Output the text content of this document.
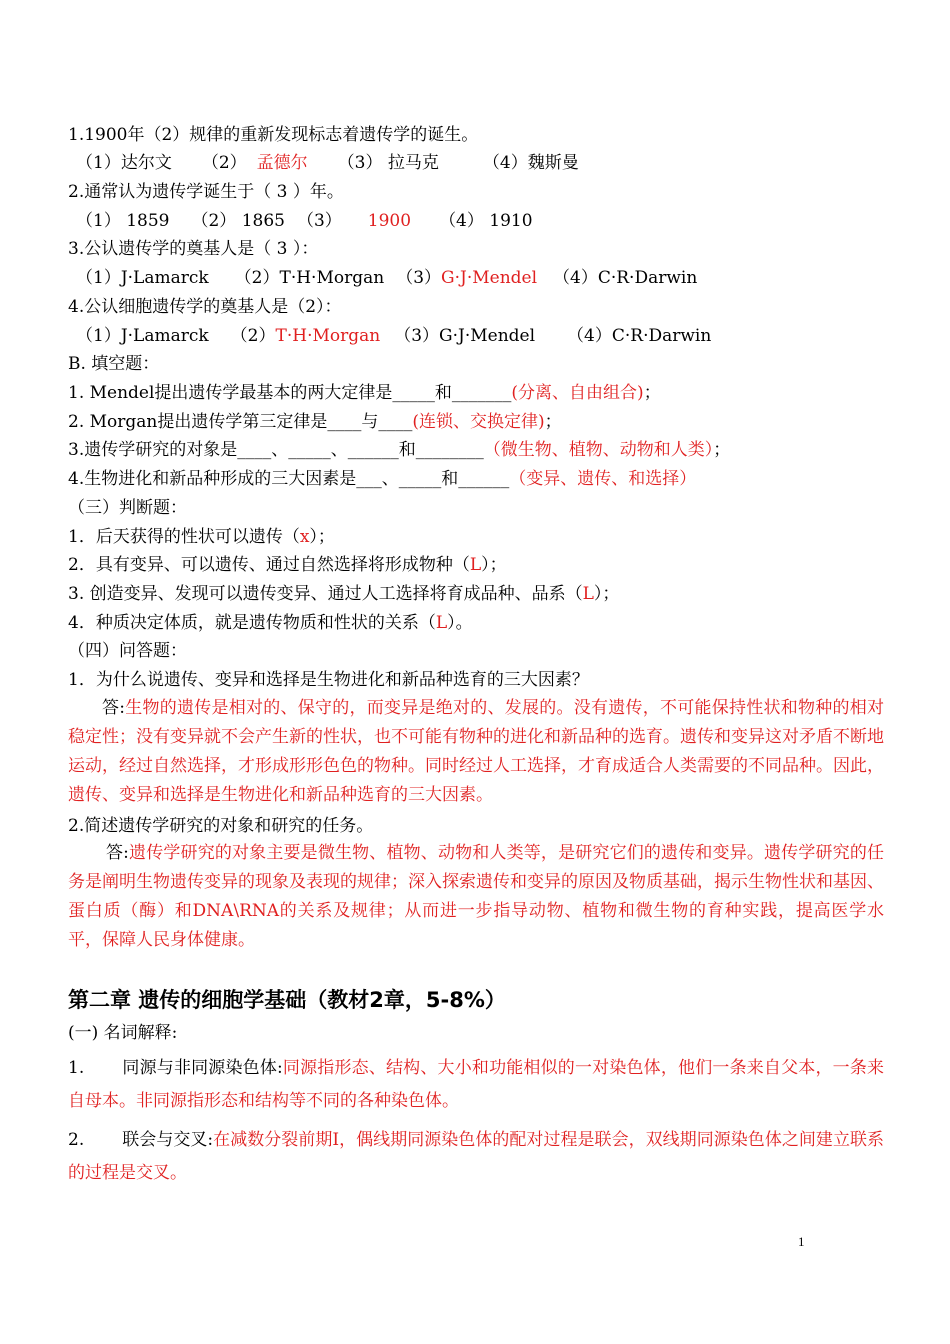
1.1900年（2）规律的重新发现标志着遗传学的诞生。
（1）达尔文 （2） 孟德尔 （3） 拉马克	（4）魏斯曼
2.通常认为遗传学诞生于（ 3 ）年。
（1） 1859 （2） 1865 （3） 1900 （4） 1910
3.公认遗传学的奠基人是（ 3 ）：
（1）J·Lamarck （2）T·H·Morgan （3）G·J·Mendel （4）C·R·Darwin
4.公认细胞遗传学的奠基人是（2）：
（1）J·Lamarck （2）T·H·Morgan （3）G·J·Mendel （4）C·R·Darwin
B. 填空题：
1. Mendel提出遗传学最基本的两大定律是_____和_______(分离、自由组合)；
2. Morgan提出遗传学第三定律是____与____(连锁、交换定律)；
3.遗传学研究的对象是____、_____、______和________（微生物、植物、动物和人类）；
4.生物进化和新品种形成的三大因素是___、_____和______（变异、遗传、和选择）
（三）判断题：
1．后天获得的性状可以遗传（x）；
2．具有变异、可以遗传、通过自然选择将形成物种（L）；
3. 创造变异、发现可以遗传变异、通过人工选择将育成品种、品系（L）；
4．种质决定体质，就是遗传物质和性状的关系（L）。
（四）问答题：
1．为什么说遗传、变异和选择是生物进化和新品种选育的三大因素？
答:生物的遗传是相对的、保守的，而变异是绝对的、发展的。没有遗传，不可能保持性状和物种的相对稳定性；没有变异就不会产生新的性状，也不可能有物种的进化和新品种的选育。遗传和变异这对矛盾不断地运动，经过自然选择，才形成形形色色的物种。同时经过人工选择，才育成适合人类需要的不同品种。因此，遗传、变异和选择是生物进化和新品种选育的三大因素。
2.简述遗传学研究的对象和研究的任务。
答:遗传学研究的对象主要是微生物、植物、动物和人类等，是研究它们的遗传和变异。遗传学研究的任务是阐明生物遗传变异的现象及表现的规律；深入探索遗传和变异的原因及物质基础，揭示生物性状和基因、蛋白质（酶）和DNA\RNA的关系及规律；从而进一步指导动物、植物和微生物的育种实践，提高医学水平，保障人民身体健康。
第二章 遗传的细胞学基础（教材2章，5-8%）
(一) 名词解释:
1. 同源与非同源染色体:同源指形态、结构、大小和功能相似的一对染色体，他们一条来自父本，一条来自母本。非同源指形态和结构等不同的各种染色体。
2. 联会与交叉:在减数分裂前期I，偶线期同源染色体的配对过程是联会，双线期同源染色体之间建立联系的过程是交叉。
1
